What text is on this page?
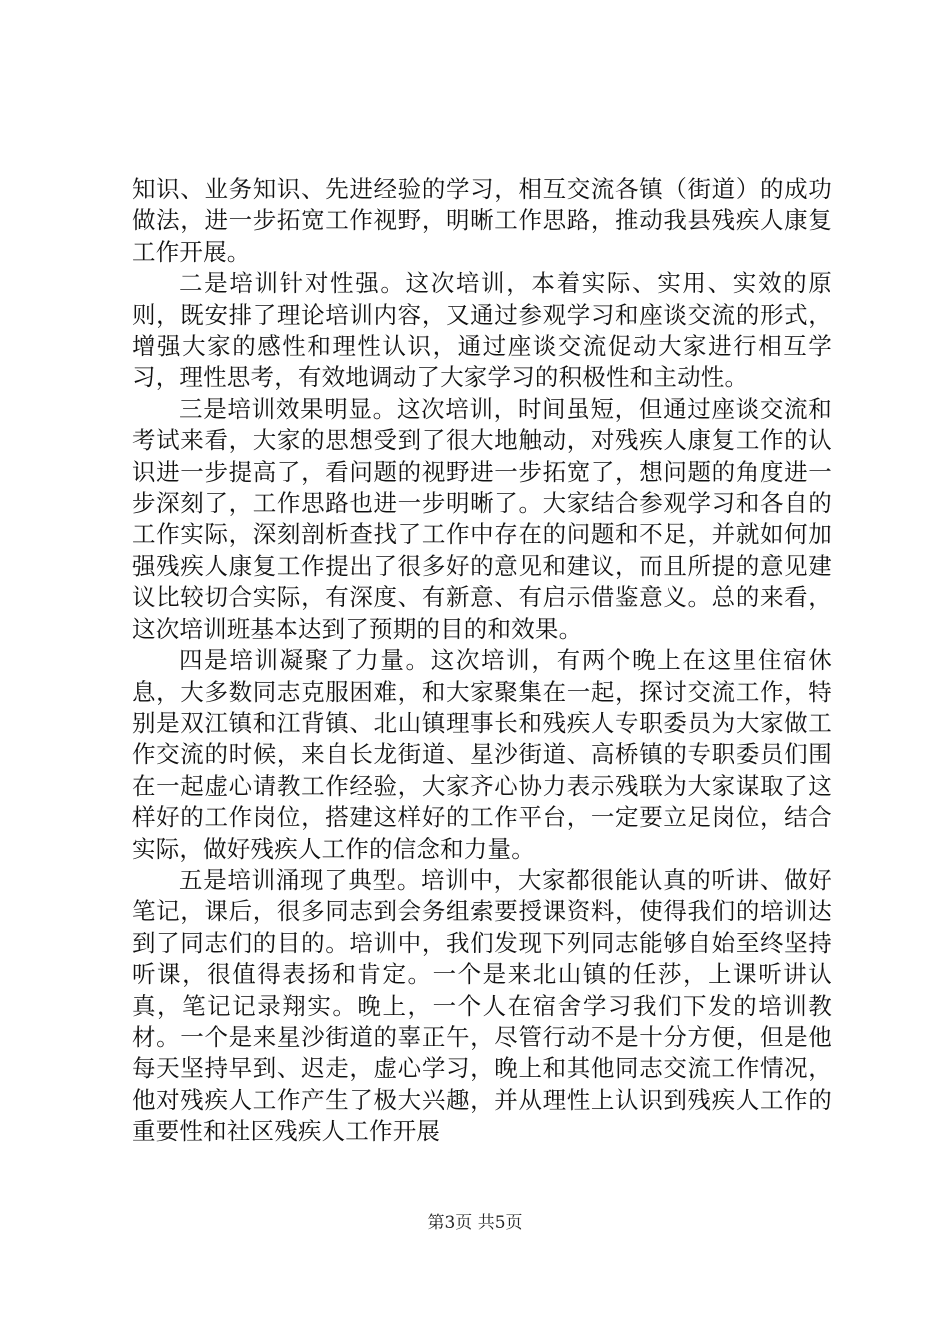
知识、业务知识、先进经验的学习，相互交流各镇（街道）的成功做法，进一步拓宽工作视野，明晰工作思路，推动我县残疾人康复工作开展。

二是培训针对性强。这次培训，本着实际、实用、实效的原则，既安排了理论培训内容，又通过参观学习和座谈交流的形式，增强大家的感性和理性认识，通过座谈交流促动大家进行相互学习，理性思考，有效地调动了大家学习的积极性和主动性。

三是培训效果明显。这次培训，时间虽短，但通过座谈交流和考试来看，大家的思想受到了很大地触动，对残疾人康复工作的认识进一步提高了，看问题的视野进一步拓宽了，想问题的角度进一步深刻了，工作思路也进一步明晰了。大家结合参观学习和各自的工作实际，深刻剖析查找了工作中存在的问题和不足，并就如何加强残疾人康复工作提出了很多好的意见和建议，而且所提的意见建议比较切合实际，有深度、有新意、有启示借鉴意义。总的来看，这次培训班基本达到了预期的目的和效果。

四是培训凝聚了力量。这次培训，有两个晚上在这里住宿休息，大多数同志克服困难，和大家聚集在一起，探讨交流工作，特别是双江镇和江背镇、北山镇理事长和残疾人专职委员为大家做工作交流的时候，来自长龙街道、星沙街道、高桥镇的专职委员们围在一起虚心请教工作经验，大家齐心协力表示残联为大家谋取了这样好的工作岗位，搭建这样好的工作平台，一定要立足岗位，结合实际，做好残疾人工作的信念和力量。

五是培训涌现了典型。培训中，大家都很能认真的听讲、做好笔记，课后，很多同志到会务组索要授课资料，使得我们的培训达到了同志们的目的。培训中，我们发现下列同志能够自始至终坚持听课，很值得表扬和肯定。一个是来北山镇的任莎，上课听讲认真，笔记记录翔实。晚上，一个人在宿舍学习我们下发的培训教材。一个是来星沙街道的辜正午，尽管行动不是十分方便，但是他每天坚持早到、迟走，虚心学习，晚上和其他同志交流工作情况，他对残疾人工作产生了极大兴趣，并从理性上认识到残疾人工作的重要性和社区残疾人工作开展

第3页 共5页
